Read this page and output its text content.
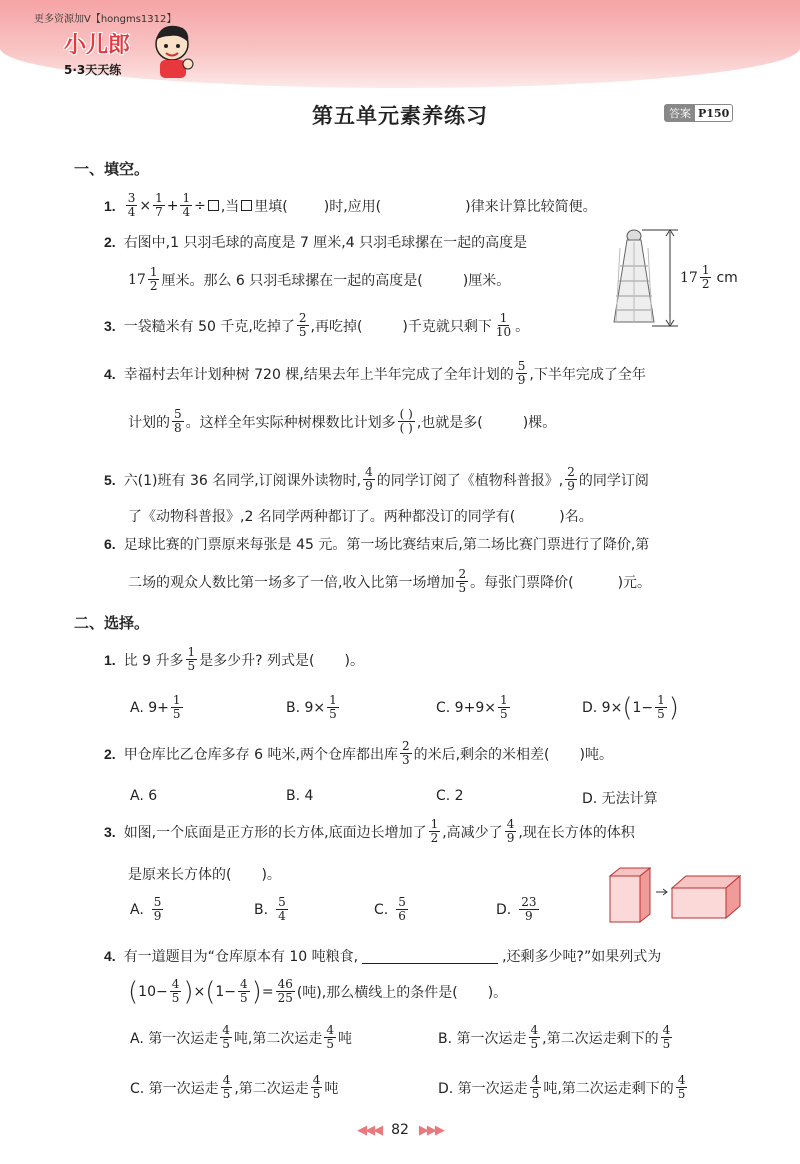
更多资源加V【hongms1312】
小儿郎
5·3天天练
第五单元素养练习	答案 P150
一、填空。
1. $\frac{3}{4} \times \frac{1}{7} + \frac{1}{4}$ ÷ ,当 里填(	)时,应用(	)律来计算比较简便。
2. 右图中,1 只羽毛球的高度是 7 厘米,4 只羽毛球摞在一起的高度是
$17 \frac{1}{2}$ 厘米。那么 6 只羽毛球摞在一起的高度是(	)厘米。	$17 \frac{1}{2}$ cm
3. 一袋糙米有 50 千克,吃掉了 $\frac{2}{5}$ ,再吃掉(	)千克就只剩下 $\frac{1}{10}$ 。
4. 幸福村去年计划种树 720 棵,结果去年上半年完成了全年计划的 $\frac{5}{9}$ ,下半年完成了全年
计划的 $\frac{5}{8}$ 。这样全年实际种树棵数比计划多 $\frac{( )}{( )}$ ,也就是多(	)棵。
5. 六(1)班有 36 名同学,订阅课外读物时, $\frac{4}{9}$ 的同学订阅了《植物科普报》, $\frac{2}{9}$ 的同学订阅
了《动物科普报》,2 名同学两种都订了。两种都没订的同学有(	)名。
6. 足球比赛的门票原来每张是 45 元。第一场比赛结束后,第二场比赛门票进行了降价,第
二场的观众人数比第一场多了一倍,收入比第一场增加 $\frac{2}{5}$ 。每张门票降价(	)元。
二、选择。
1. 比 9 升多 $\frac{1}{5}$ 是多少升? 列式是( )。
A. $9+ \frac{1}{5}$	B. $9\times \frac{1}{5}$	C. $9+9\times \frac{1}{5}$	D. 9× ( $1- \frac{1}{5}$ )
2. 甲仓库比乙仓库多存 6 吨米,两个仓库都出库 $\frac{2}{3}$ 的米后,剩余的米相差( )吨。
A. 6	B. 4	C. 2	D. 无法计算
3. 如图,一个底面是正方形的长方体,底面边长增加了 $\frac{1}{2}$ ,高减少了 $\frac{4}{9}$ ,现在长方体的体积
是原来长方体的( )。
A. $\frac{5}{9}$	B. $\frac{5}{4}$	C. $\frac{5}{6}$	D. $\frac{23}{9}$
4. 有一道题目为“仓库原本有 10 吨粮食,	,还剩多少吨?”如果列式为
( $10- \frac{4}{5}$ ) × ( $1- \frac{4}{5}$ ) = $\frac{46}{25}$ (吨),那么横线上的条件是( )。
A. 第一次运走 $\frac{4}{5}$ 吨,第二次运走 $\frac{4}{5}$ 吨	B. 第一次运走 $\frac{4}{5}$ ,第二次运走剩下的 $\frac{4}{5}$
C. 第一次运走 $\frac{4}{5}$ ,第二次运走 $\frac{4}{5}$ 吨	D. 第一次运走 $\frac{4}{5}$ 吨,第二次运走剩下的 $\frac{4}{5}$
◀◀◀ 82 ▶▶▶
